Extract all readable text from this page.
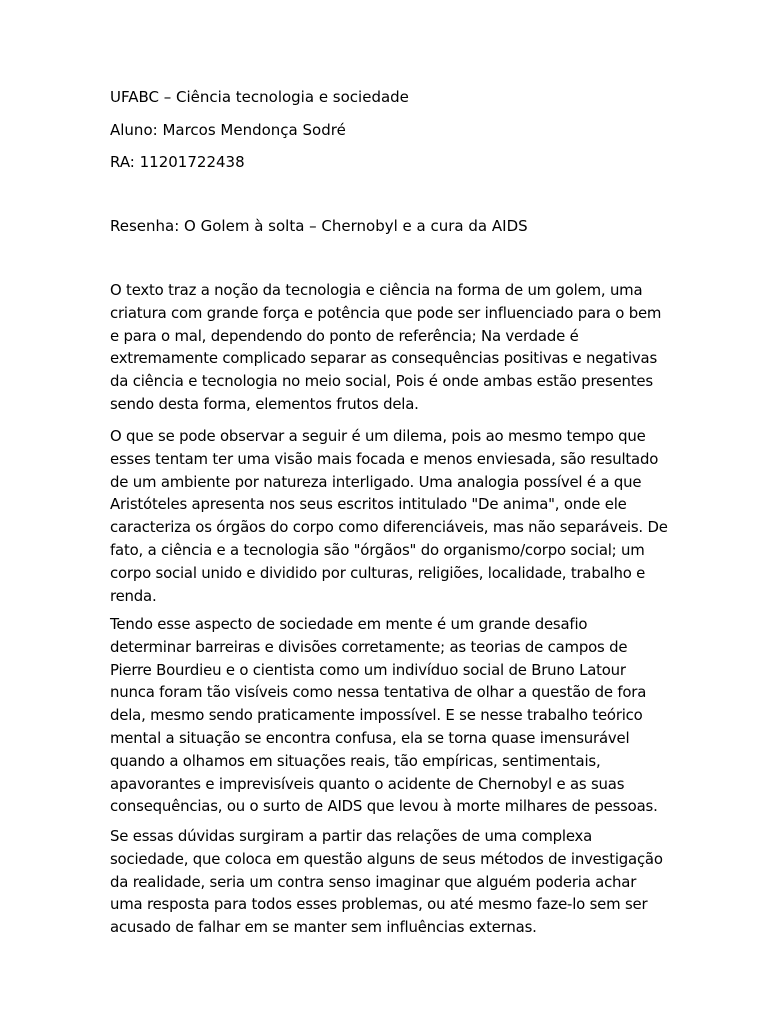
UFABC – Ciência tecnologia e sociedade

Aluno: Marcos Mendonça Sodré

RA: 11201722438

Resenha: O Golem à solta – Chernobyl e a cura da AIDS

O texto traz a noção da tecnologia e ciência na forma de um golem, uma criatura com grande força e potência que pode ser influenciado para o bem e para o mal, dependendo do ponto de referência; Na verdade é extremamente complicado separar as consequências positivas e negativas da ciência e tecnologia no meio social, Pois é onde ambas estão presentes sendo desta forma, elementos frutos dela.

O que se pode observar a seguir é um dilema, pois ao mesmo tempo que esses tentam ter uma visão mais focada e menos enviesada, são resultado de um ambiente por natureza interligado. Uma analogia possível é a que Aristóteles apresenta nos seus escritos intitulado "De anima", onde ele caracteriza os órgãos do corpo como diferenciáveis, mas não separáveis. De fato, a ciência e a tecnologia são "órgãos" do organismo/corpo social; um corpo social unido e dividido por culturas, religiões, localidade, trabalho e renda.

Tendo esse aspecto de sociedade em mente é um grande desafio determinar barreiras e divisões corretamente; as teorias de campos de Pierre Bourdieu e o cientista como um indivíduo social de Bruno Latour nunca foram tão visíveis como nessa tentativa de olhar a questão de fora dela, mesmo sendo praticamente impossível. E se nesse trabalho teórico mental a situação se encontra confusa, ela se torna quase imensurável quando a olhamos em situações reais, tão empíricas, sentimentais, apavorantes e imprevisíveis quanto o acidente de Chernobyl e as suas consequências, ou o surto de AIDS que levou à morte milhares de pessoas.

Se essas dúvidas surgiram a partir das relações de uma complexa sociedade, que coloca em questão alguns de seus métodos de investigação da realidade, seria um contra senso imaginar que alguém poderia achar uma resposta para todos esses problemas, ou até mesmo faze-lo sem ser acusado de falhar em se manter sem influências externas.
